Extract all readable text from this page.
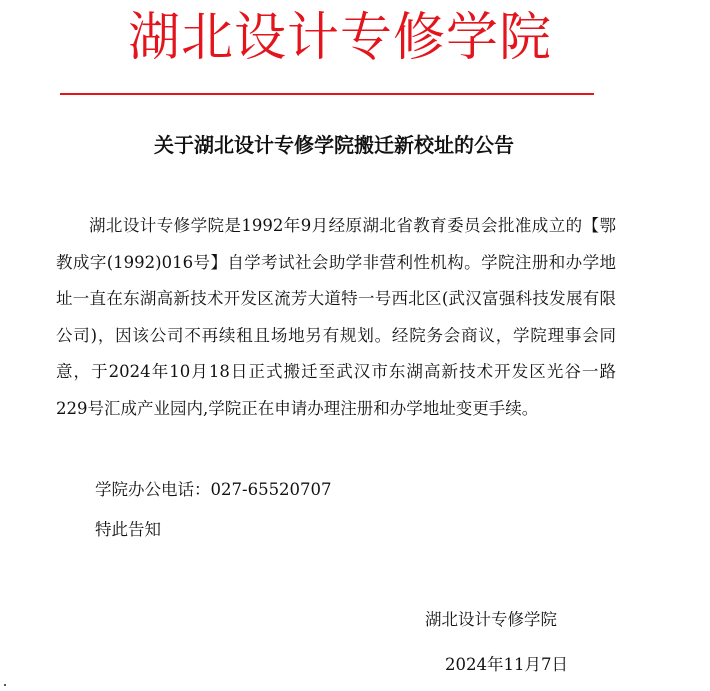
湖北设计专修学院
关于湖北设计专修学院搬迁新校址的公告

湖北设计专修学院是1992年9月经原湖北省教育委员会批准成立的【鄂教成字(1992)016号】自学考试社会助学非营利性机构。学院注册和办学地址一直在东湖高新技术开发区流芳大道特一号西北区(武汉富强科技发展有限公司)，因该公司不再续租且场地另有规划。经院务会商议，学院理事会同意，于2024年10月18日正式搬迁至武汉市东湖高新技术开发区光谷一路229号汇成产业园内,学院正在申请办理注册和办学地址变更手续。

学院办公电话：027-65520707
特此告知
湖北设计专修学院
2024年11月7日
